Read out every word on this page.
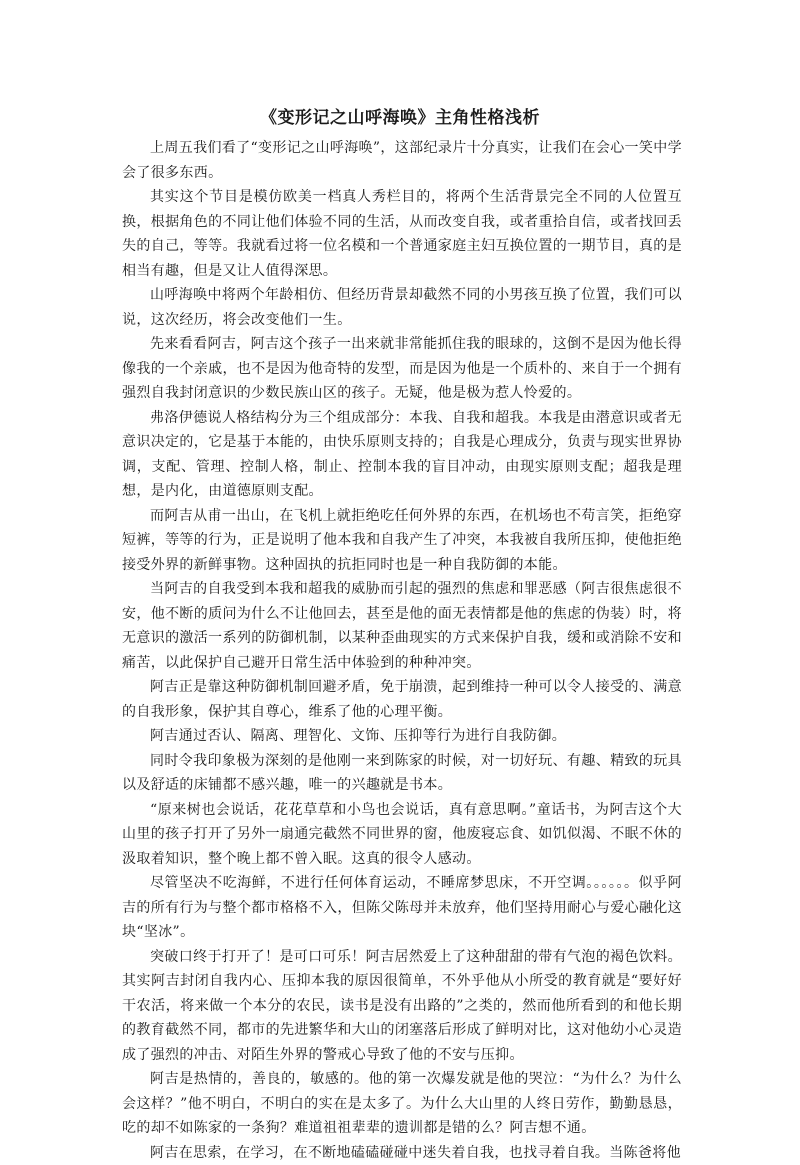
《变形记之山呼海唤》主角性格浅析

上周五我们看了“变形记之山呼海唤”，这部纪录片十分真实，让我们在会心一笑中学会了很多东西。

其实这个节目是模仿欧美一档真人秀栏目的，将两个生活背景完全不同的人位置互换，根据角色的不同让他们体验不同的生活，从而改变自我，或者重拾自信，或者找回丢失的自己，等等。我就看过将一位名模和一个普通家庭主妇互换位置的一期节目，真的是相当有趣，但是又让人值得深思。

山呼海唤中将两个年龄相仿、但经历背景却截然不同的小男孩互换了位置，我们可以说，这次经历，将会改变他们一生。

先来看看阿吉，阿吉这个孩子一出来就非常能抓住我的眼球的，这倒不是因为他长得像我的一个亲戚，也不是因为他奇特的发型，而是因为他是一个质朴的、来自于一个拥有强烈自我封闭意识的少数民族山区的孩子。无疑，他是极为惹人怜爱的。

弗洛伊德说人格结构分为三个组成部分：本我、自我和超我。本我是由潜意识或者无意识决定的，它是基于本能的，由快乐原则支持的；自我是心理成分，负责与现实世界协调，支配、管理、控制人格，制止、控制本我的盲目冲动，由现实原则支配；超我是理想，是内化，由道德原则支配。

而阿吉从甫一出山，在飞机上就拒绝吃任何外界的东西，在机场也不苟言笑，拒绝穿短裤，等等的行为，正是说明了他本我和自我产生了冲突，本我被自我所压抑，使他拒绝接受外界的新鲜事物。这种固执的抗拒同时也是一种自我防御的本能。

当阿吉的自我受到本我和超我的威胁而引起的强烈的焦虑和罪恶感（阿吉很焦虑很不安，他不断的质问为什么不让他回去，甚至是他的面无表情都是他的焦虑的伪装）时，将无意识的激活一系列的防御机制，以某种歪曲现实的方式来保护自我，缓和或消除不安和痛苦，以此保护自己避开日常生活中体验到的种种冲突。

阿吉正是靠这种防御机制回避矛盾，免于崩溃，起到维持一种可以令人接受的、满意的自我形象，保护其自尊心，维系了他的心理平衡。

阿吉通过否认、隔离、理智化、文饰、压抑等行为进行自我防御。

同时令我印象极为深刻的是他刚一来到陈家的时候，对一切好玩、有趣、精致的玩具以及舒适的床铺都不感兴趣，唯一的兴趣就是书本。

“原来树也会说话，花花草草和小鸟也会说话，真有意思啊。”童话书，为阿吉这个大山里的孩子打开了另外一扇通完截然不同世界的窗，他废寝忘食、如饥似渴、不眠不休的汲取着知识，整个晚上都不曾入眠。这真的很令人感动。

尽管坚决不吃海鲜，不进行任何体育运动，不睡席梦思床，不开空调。。。。。。似乎阿吉的所有行为与整个都市格格不入，但陈父陈母并未放弃，他们坚持用耐心与爱心融化这块“坚冰”。

突破口终于打开了！是可口可乐！阿吉居然爱上了这种甜甜的带有气泡的褐色饮料。其实阿吉封闭自我内心、压抑本我的原因很简单，不外乎他从小所受的教育就是“要好好干农活，将来做一个本分的农民，读书是没有出路的”之类的，然而他所看到的和他长期的教育截然不同，都市的先进繁华和大山的闭塞落后形成了鲜明对比，这对他幼小心灵造成了强烈的冲击、对陌生外界的警戒心导致了他的不安与压抑。

阿吉是热情的，善良的，敏感的。他的第一次爆发就是他的哭泣：“为什么？为什么会这样？”他不明白，不明白的实在是太多了。为什么大山里的人终日劳作，勤勤恳恳，吃的却不如陈家的一条狗？难道祖祖辈辈的遗训都是错的么？阿吉想不通。

阿吉在思索，在学习，在不断地磕磕碰碰中迷失着自我，也找寻着自我。当陈爸将他
